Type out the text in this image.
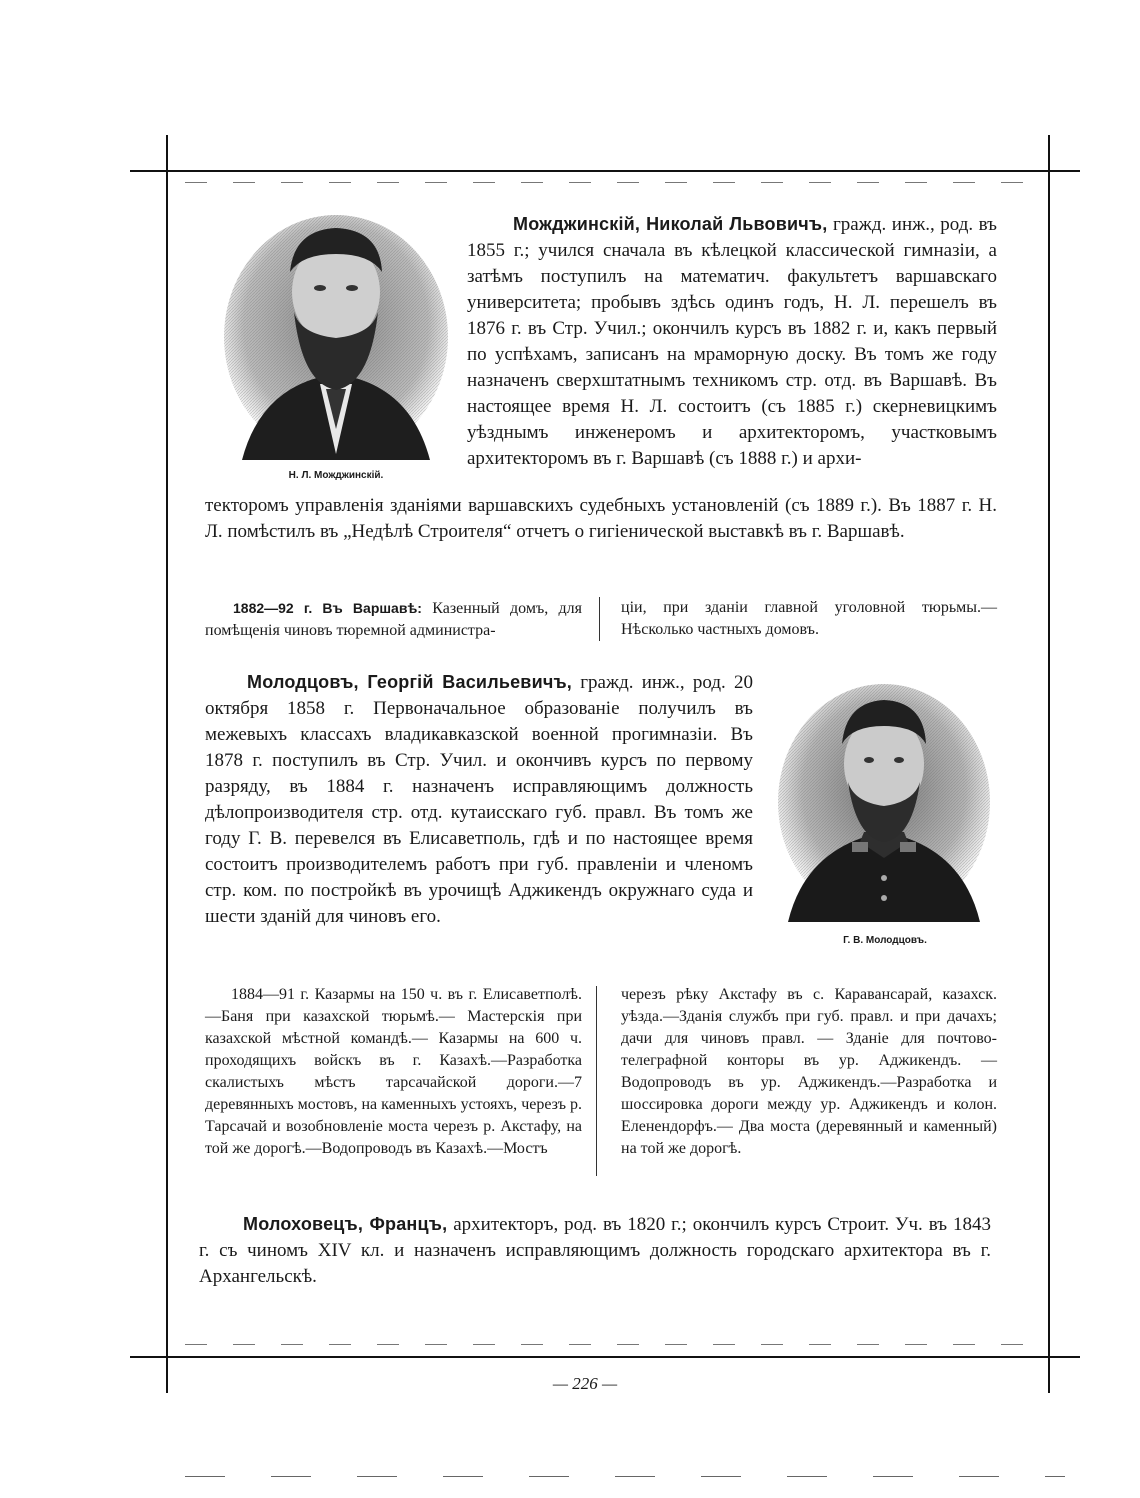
Н. Л. Можджинскій.
Можджинскій, Николай Львовичъ, гражд. инж., род. въ 1855 г.; учился сначала въ кѣлецкой классической гимназіи, а затѣмъ поступилъ на математич. факультетъ варшавскаго университета; пробывъ здѣсь одинъ годъ, Н. Л. перешелъ въ 1876 г. въ Стр. Учил.; окончилъ курсъ въ 1882 г. и, какъ первый по успѣхамъ, записанъ на мраморную доску. Въ томъ же году назначенъ сверхштатнымъ техникомъ стр. отд. въ Варшавѣ. Въ настоящее время Н. Л. состоитъ (съ 1885 г.) скерневицкимъ уѣзднымъ инженеромъ и архитекторомъ, участковымъ архитекторомъ въ г. Варшавѣ (съ 1888 г.) и архи-
текторомъ управленія зданіями варшавскихъ судебныхъ установленій (съ 1889 г.). Въ 1887 г. Н. Л. помѣстилъ въ „Недѣлѣ Строителя“ отчетъ о гигіенической выставкѣ въ г. Варшавѣ.
1882—92 г. Въ Варшавѣ: Казенный домъ, для помѣщенія чиновъ тюремной администра-
ціи, при зданіи главной уголовной тюрьмы.— Нѣсколько частныхъ домовъ.
Молодцовъ, Георгій Васильевичъ, гражд. инж., род. 20 октября 1858 г. Первоначальное образованіе получилъ въ межевыхъ классахъ владикавказской военной прогимназіи. Въ 1878 г. поступилъ въ Стр. Учил. и окончивъ курсъ по первому разряду, въ 1884 г. назначенъ исправляющимъ должность дѣлопроизводителя стр. отд. кутаисскаго губ. правл. Въ томъ же году Г. В. перевелся въ Елисаветполь, гдѣ и по настоящее время состоитъ производителемъ работъ при губ. правленіи и членомъ стр. ком. по постройкѣ въ урочищѣ Аджикендъ окружнаго суда и шести зданій для чиновъ его.
Г. В. Молодцовъ.
1884—91 г. Казармы на 150 ч. въ г. Елисаветполѣ.—Баня при казахской тюрьмѣ.— Мастерскія при казахской мѣстной командѣ.— Казармы на 600 ч. проходящихъ войскъ въ г. Казахѣ.—Разработка скалистыхъ мѣстъ тарсачайской дороги.—7 деревянныхъ мостовъ, на каменныхъ устояхъ, черезъ р. Тарсачай и возобновленіе моста черезъ р. Акстафу, на той же дорогѣ.—Водопроводъ въ Казахѣ.—Мостъ
черезъ рѣку Акстафу въ с. Каравансарай, казахск. уѣзда.—Зданія службъ при губ. правл. и при дачахъ; дачи для чиновъ правл. — Зданіе для почтово-телеграфной конторы въ ур. Аджикендъ. — Водопроводъ въ ур. Аджикендъ.—Разработка и шоссировка дороги между ур. Аджикендъ и колон. Еленендорфъ.— Два моста (деревянный и каменный) на той же дорогѣ.
Молоховецъ, Францъ, архитекторъ, род. въ 1820 г.; окончилъ курсъ Строит. Уч. въ 1843 г. съ чиномъ XIV кл. и назначенъ исправляющимъ должность городскаго архитектора въ г. Архангельскѣ.
— 226 —
